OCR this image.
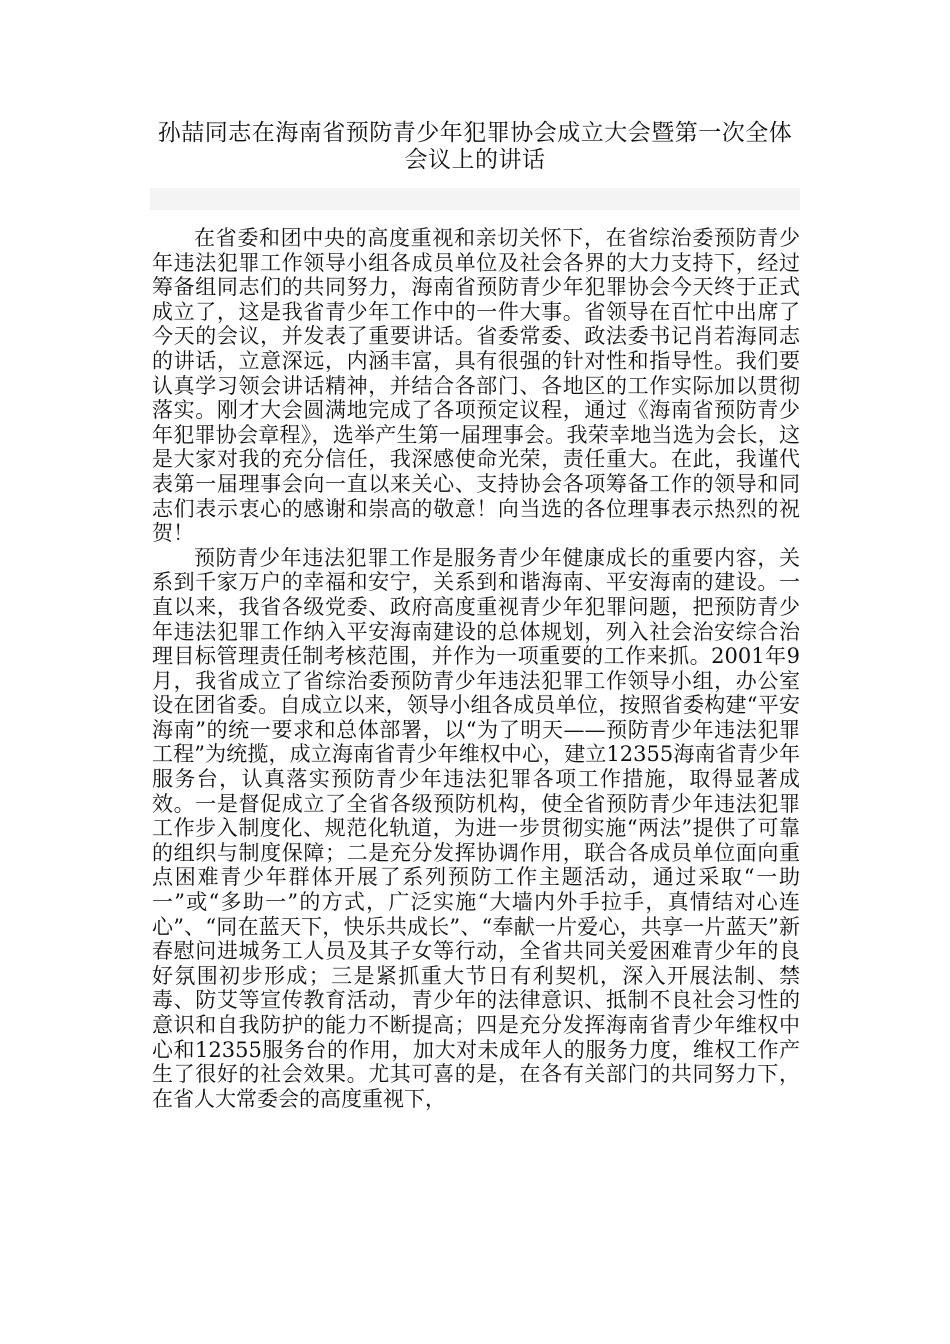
孙喆同志在海南省预防青少年犯罪协会成立大会暨第一次全体会议上的讲话

在省委和团中央的高度重视和亲切关怀下，在省综治委预防青少年违法犯罪工作领导小组各成员单位及社会各界的大力支持下，经过筹备组同志们的共同努力，海南省预防青少年犯罪协会今天终于正式成立了，这是我省青少年工作中的一件大事。省领导在百忙中出席了今天的会议，并发表了重要讲话。省委常委、政法委书记肖若海同志的讲话，立意深远，内涵丰富，具有很强的针对性和指导性。我们要认真学习领会讲话精神，并结合各部门、各地区的工作实际加以贯彻落实。刚才大会圆满地完成了各项预定议程，通过《海南省预防青少年犯罪协会章程》，选举产生第一届理事会。我荣幸地当选为会长，这是大家对我的充分信任，我深感使命光荣，责任重大。在此，我谨代表第一届理事会向一直以来关心、支持协会各项筹备工作的领导和同志们表示衷心的感谢和崇高的敬意！向当选的各位理事表示热烈的祝贺！

预防青少年违法犯罪工作是服务青少年健康成长的重要内容，关系到千家万户的幸福和安宁，关系到和谐海南、平安海南的建设。一直以来，我省各级党委、政府高度重视青少年犯罪问题，把预防青少年违法犯罪工作纳入平安海南建设的总体规划，列入社会治安综合治理目标管理责任制考核范围，并作为一项重要的工作来抓。2001年9月，我省成立了省综治委预防青少年违法犯罪工作领导小组，办公室设在团省委。自成立以来，领导小组各成员单位，按照省委构建“平安海南”的统一要求和总体部署，以“为了明天——预防青少年违法犯罪工程”为统揽，成立海南省青少年维权中心，建立12355海南省青少年服务台，认真落实预防青少年违法犯罪各项工作措施，取得显著成效。一是督促成立了全省各级预防机构，使全省预防青少年违法犯罪工作步入制度化、规范化轨道，为进一步贯彻实施“两法”提供了可靠的组织与制度保障；二是充分发挥协调作用，联合各成员单位面向重点困难青少年群体开展了系列预防工作主题活动，通过采取“一助一”或“多助一”的方式，广泛实施“大墙内外手拉手，真情结对心连心”、“同在蓝天下，快乐共成长”、“奉献一片爱心，共享一片蓝天”新春慰问进城务工人员及其子女等行动，全省共同关爱困难青少年的良好氛围初步形成；三是紧抓重大节日有利契机，深入开展法制、禁毒、防艾等宣传教育活动，青少年的法律意识、抵制不良社会习性的意识和自我防护的能力不断提高；四是充分发挥海南省青少年维权中心和12355服务台的作用，加大对未成年人的服务力度，维权工作产生了很好的社会效果。尤其可喜的是，在各有关部门的共同努力下，在省人大常委会的高度重视下，
